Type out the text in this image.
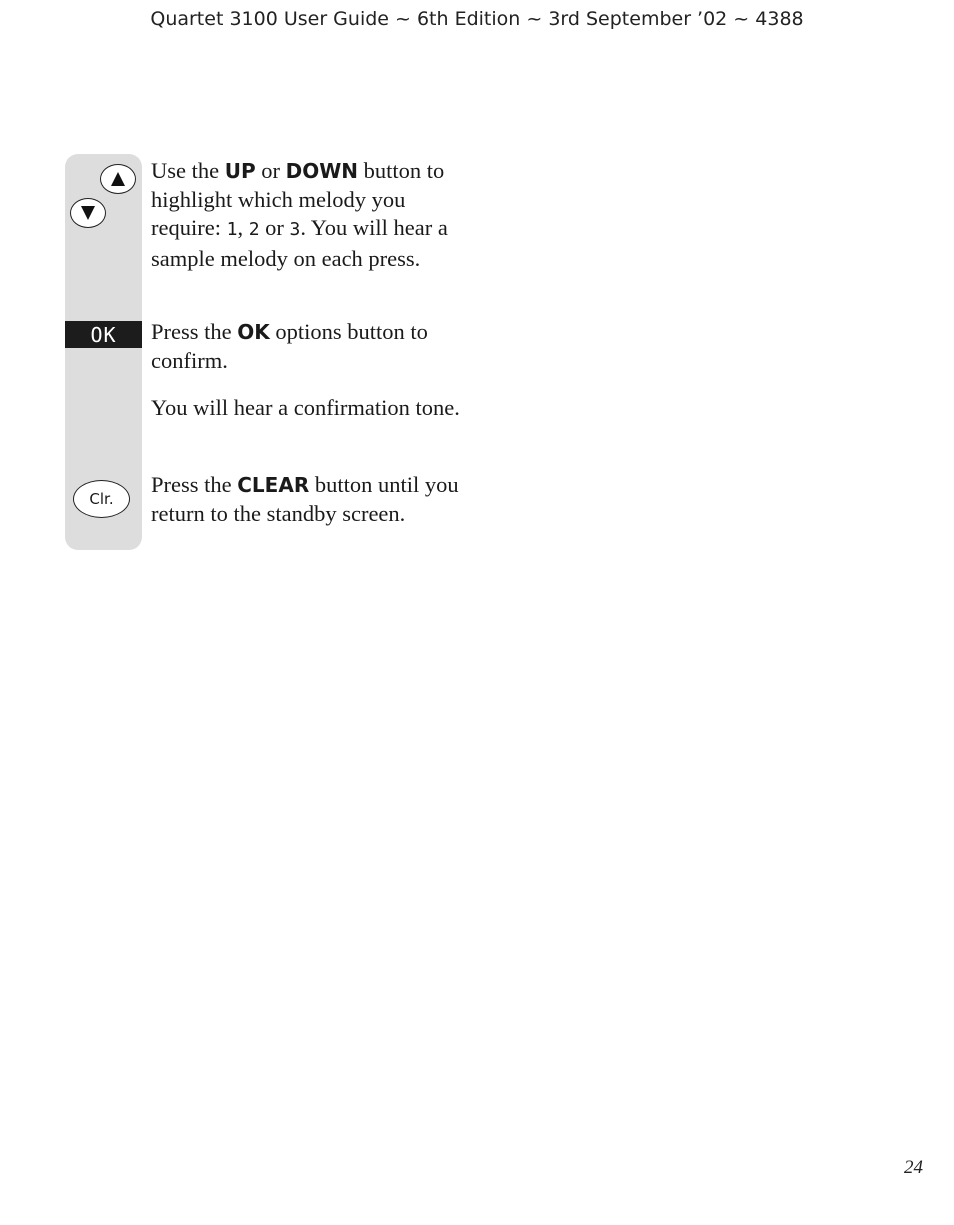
Quartet 3100 User Guide ~ 6th Edition ~ 3rd September ’02 ~ 4388
OK
Clr.

Use the UP or DOWN button to highlight which melody you require: 1, 2 or 3. You will hear a sample melody on each press.

Press the OK options button to confirm.

You will hear a confirmation tone.

Press the CLEAR button until you return to the standby screen.

24
